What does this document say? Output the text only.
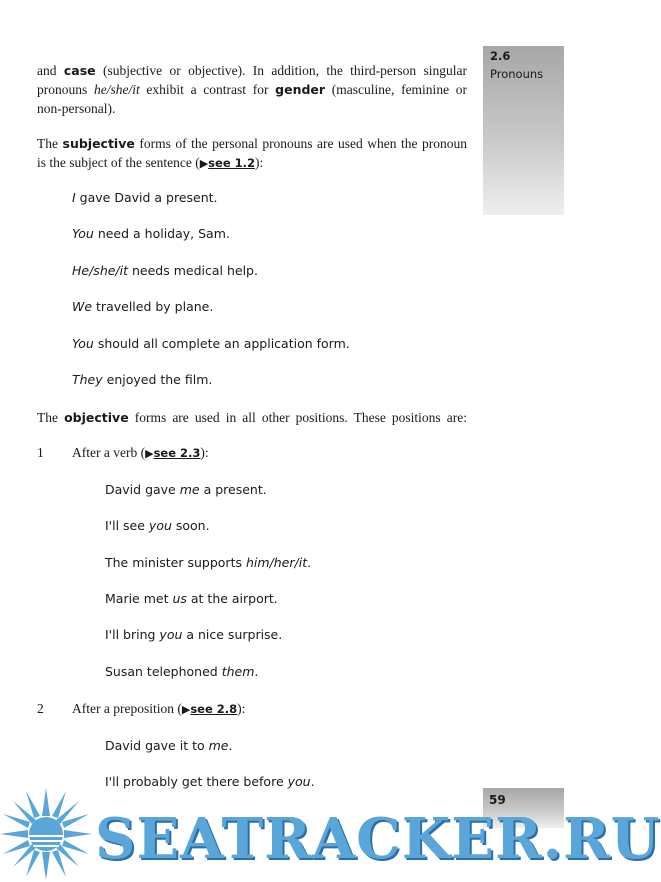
2.6
Pronouns
59
and case (subjective or objective). In addition, the third-person singular
pronouns he/she/it exhibit a contrast for gender (masculine, feminine or
non-personal).
The subjective forms of the personal pronouns are used when the pronoun
is the subject of the sentence (▶see 1.2):
I gave David a present.
You need a holiday, Sam.
He/she/it needs medical help.
We travelled by plane.
You should all complete an application form.
They enjoyed the film.
The objective forms are used in all other positions. These positions are:
1 After a verb (▶see 2.3):
David gave me a present.
I'll see you soon.
The minister supports him/her/it.
Marie met us at the airport.
I'll bring you a nice surprise.
Susan telephoned them.
2 After a preposition (▶see 2.8):
David gave it to me.
I'll probably get there before you.
SEATRACKER.RU
